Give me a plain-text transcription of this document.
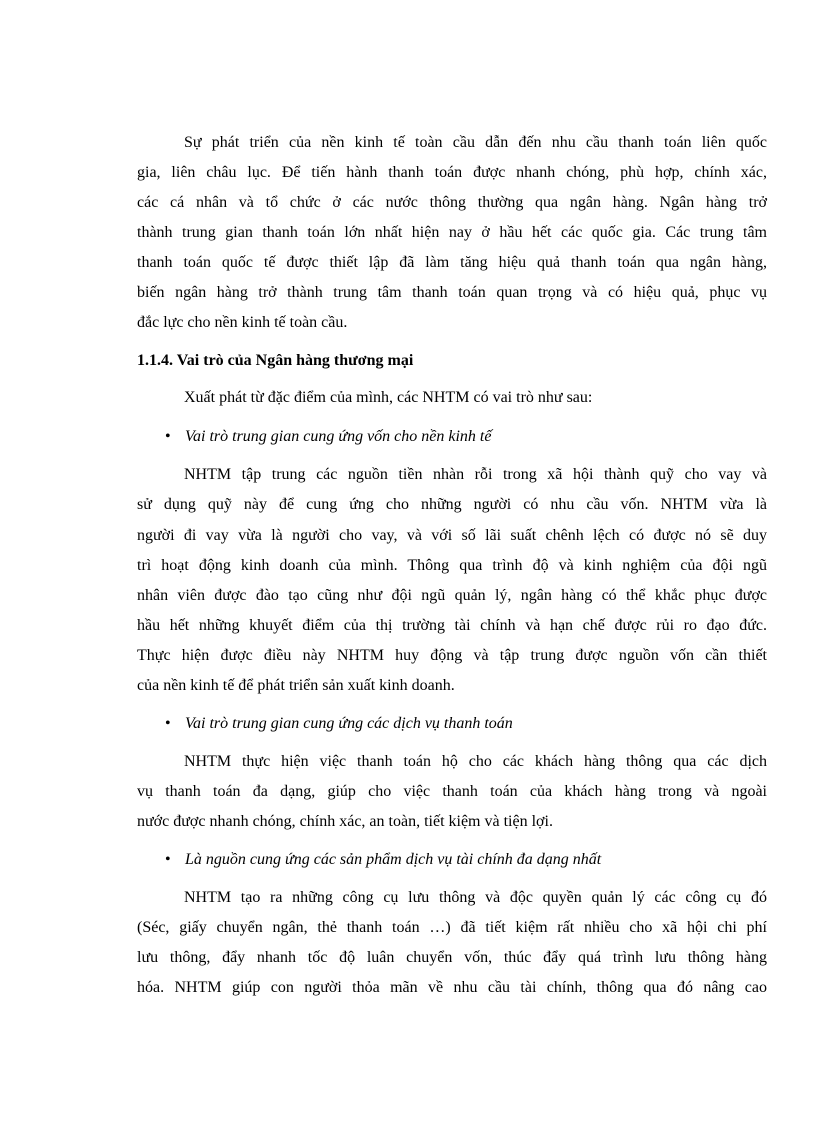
Sự phát triển của nền kinh tế toàn cầu dẫn đến nhu cầu thanh toán liên quốc
gia, liên châu lục. Để tiến hành thanh toán được nhanh chóng, phù hợp, chính xác,
các cá nhân và tổ chức ở các nước thông thường qua ngân hàng. Ngân hàng trở
thành trung gian thanh toán lớn nhất hiện nay ở hầu hết các quốc gia. Các trung tâm
thanh toán quốc tế được thiết lập đã làm tăng hiệu quả thanh toán qua ngân hàng,
biến ngân hàng trở thành trung tâm thanh toán quan trọng và có hiệu quả, phục vụ
đắc lực cho nền kinh tế toàn cầu.
1.1.4. Vai trò của Ngân hàng thương mại
Xuất phát từ đặc điểm của mình, các NHTM có vai trò như sau:
• Vai trò trung gian cung ứng vốn cho nền kinh tế
NHTM tập trung các nguồn tiền nhàn rỗi trong xã hội thành quỹ cho vay và
sử dụng quỹ này để cung ứng cho những người có nhu cầu vốn. NHTM vừa là
người đi vay vừa là người cho vay, và với số lãi suất chênh lệch có được nó sẽ duy
trì hoạt động kinh doanh của mình. Thông qua trình độ và kinh nghiệm của đội ngũ
nhân viên được đào tạo cũng như đội ngũ quản lý, ngân hàng có thể khắc phục được
hầu hết những khuyết điểm của thị trường tài chính và hạn chế được rủi ro đạo đức.
Thực hiện được điều này NHTM huy động và tập trung được nguồn vốn cần thiết
của nền kinh tế để phát triển sản xuất kinh doanh.
• Vai trò trung gian cung ứng các dịch vụ thanh toán
NHTM thực hiện việc thanh toán hộ cho các khách hàng thông qua các dịch
vụ thanh toán đa dạng, giúp cho việc thanh toán của khách hàng trong và ngoài
nước được nhanh chóng, chính xác, an toàn, tiết kiệm và tiện lợi.
• Là nguồn cung ứng các sản phẩm dịch vụ tài chính đa dạng nhất
NHTM tạo ra những công cụ lưu thông và độc quyền quản lý các công cụ đó
(Séc, giấy chuyển ngân, thẻ thanh toán …) đã tiết kiệm rất nhiều cho xã hội chi phí
lưu thông, đẩy nhanh tốc độ luân chuyển vốn, thúc đẩy quá trình lưu thông hàng
hóa. NHTM giúp con người thỏa mãn về nhu cầu tài chính, thông qua đó nâng cao
